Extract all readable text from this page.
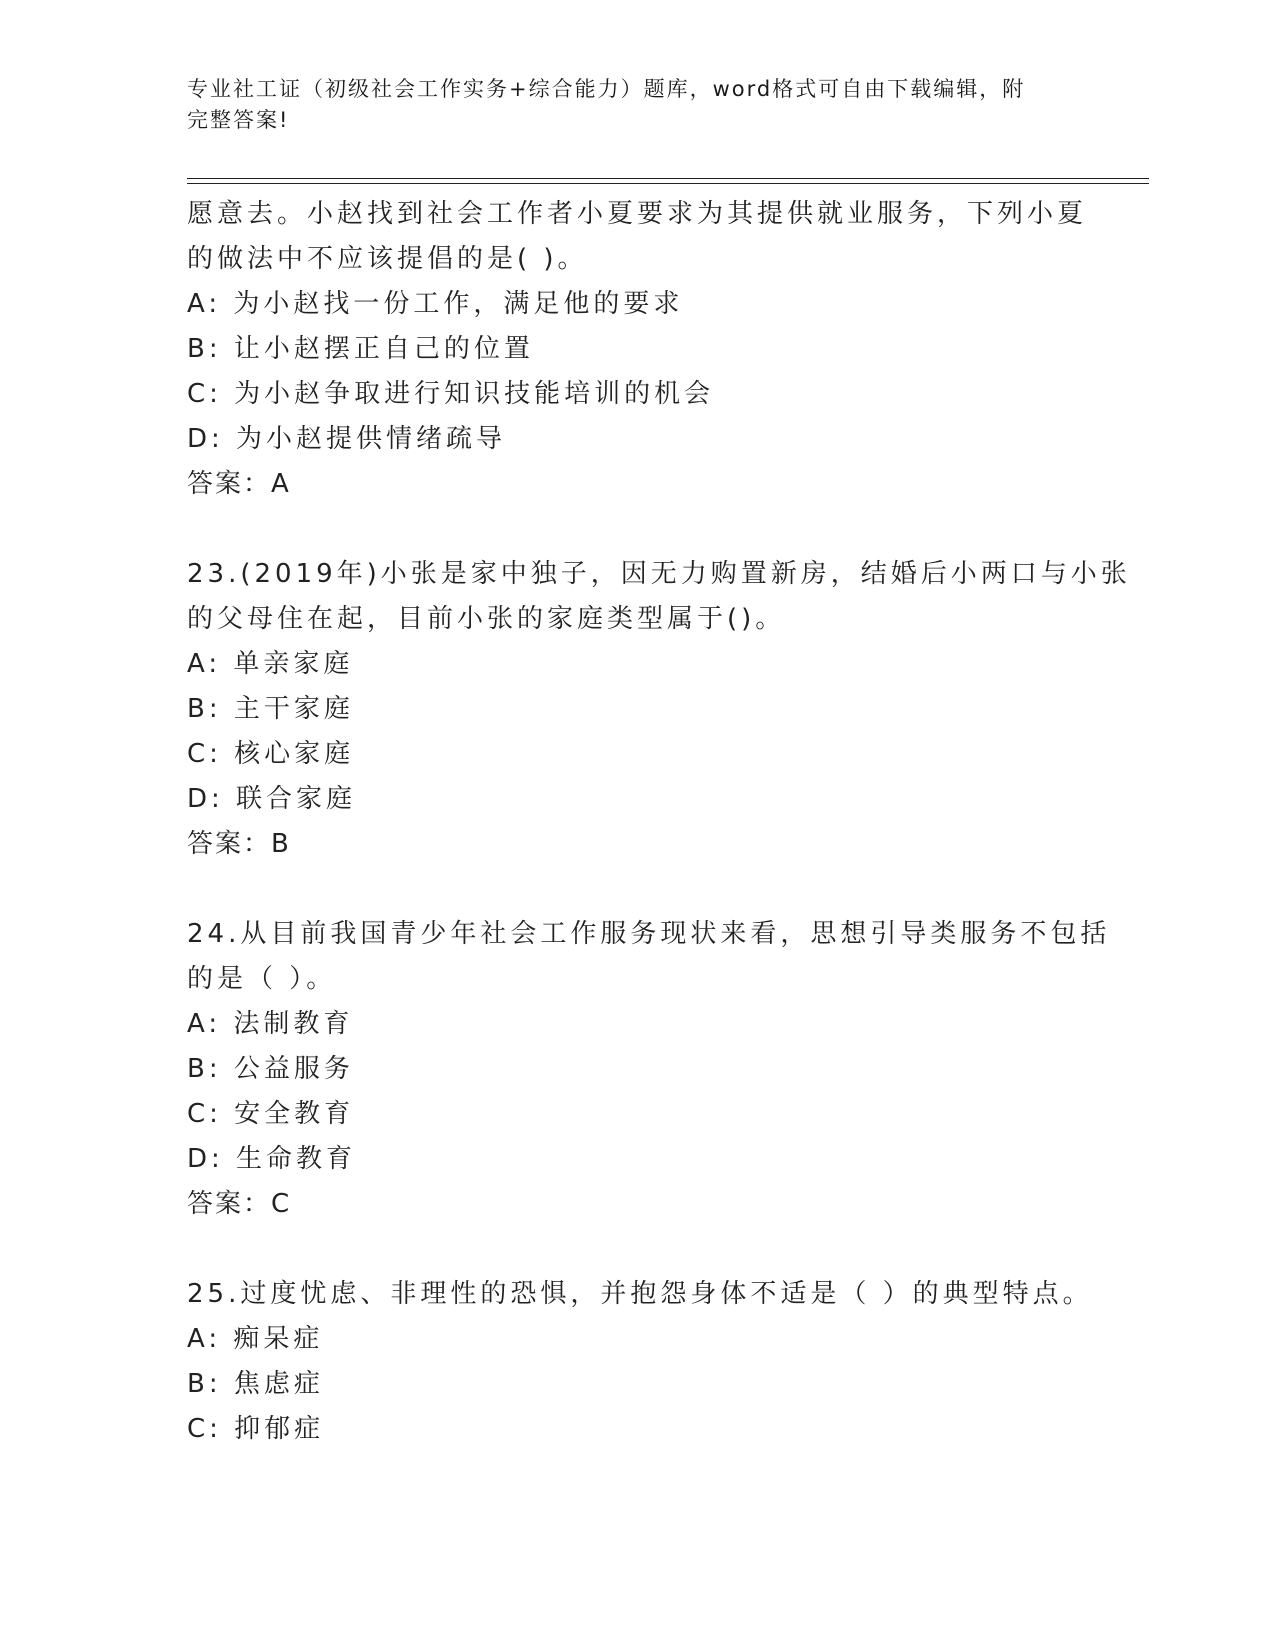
专业社工证（初级社会工作实务+综合能力）题库，word格式可自由下载编辑，附
完整答案!
愿意去。小赵找到社会工作者小夏要求为其提供就业服务，下列小夏
的做法中不应该提倡的是( )。
A: 为小赵找一份工作，满足他的要求
B: 让小赵摆正自己的位置
C: 为小赵争取进行知识技能培训的机会
D: 为小赵提供情绪疏导
答案：A
23.(2019年)小张是家中独子，因无力购置新房，结婚后小两口与小张
的父母住在起，目前小张的家庭类型属于()。
A: 单亲家庭
B: 主干家庭
C: 核心家庭
D: 联合家庭
答案：B
24.从目前我国青少年社会工作服务现状来看，思想引导类服务不包括
的是（ ）。
A: 法制教育
B: 公益服务
C: 安全教育
D: 生命教育
答案：C
25.过度忧虑、非理性的恐惧，并抱怨身体不适是（ ）的典型特点。
A: 痴呆症
B: 焦虑症
C: 抑郁症
